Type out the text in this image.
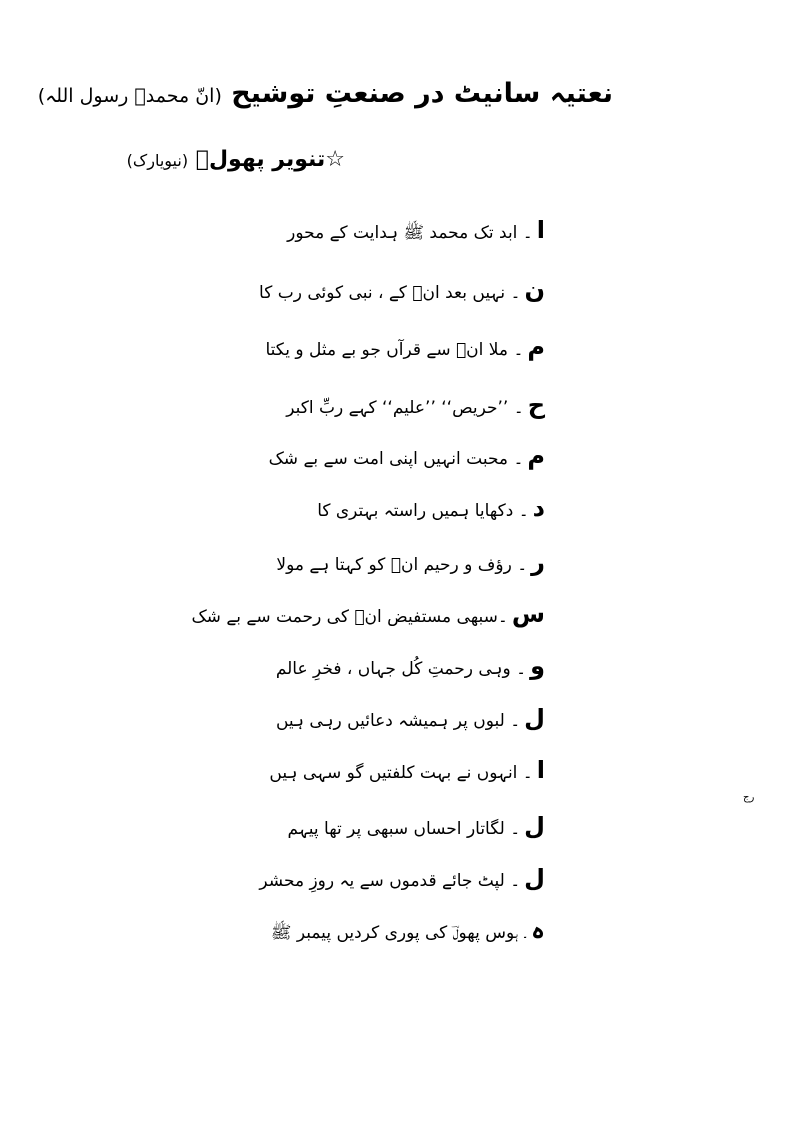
نعتیہ سانیٹ در صنعتِ توشیح (انّ محمدؐ رسول اللہ)
☆تنویر پھولؔ (نیویارک)
ا۔ ابد تک محمد ﷺ ہدایت کے محور
ن۔ نہیں بعد انؐ کے ، نبی کوئی رب کا
م۔ ملا انؐ سے قرآں جو بے مثل و یکتا
ح۔ ’’حریص‘‘ ’’علیم‘‘ کہے ربِّ اکبر
م۔ محبت انہیں اپنی امت سے بے شک
د۔ دکھایا ہمیں راستہ بہتری کا
ر۔ رؤف و رحیم انؐ کو کہتا ہے مولا
س۔سبھی مستفیض انؐ کی رحمت سے بے شک
و۔ وہی رحمتِ کُل جہاں ، فخرِ عالم
ل۔ لبوں پر ہمیشہ دعائیں رہی ہیں
ا۔ انہوں نے بہت کلفتیں گو سہی ہیں
ل۔ لگاتار احساں سبھی پر تھا پیہم
ل۔ لپٹ جائے قدموں سے یہ روزِ محشر
ہ۔ ہوس پھولؔ کی پوری کردیں پیمبر ﷺ
رج
